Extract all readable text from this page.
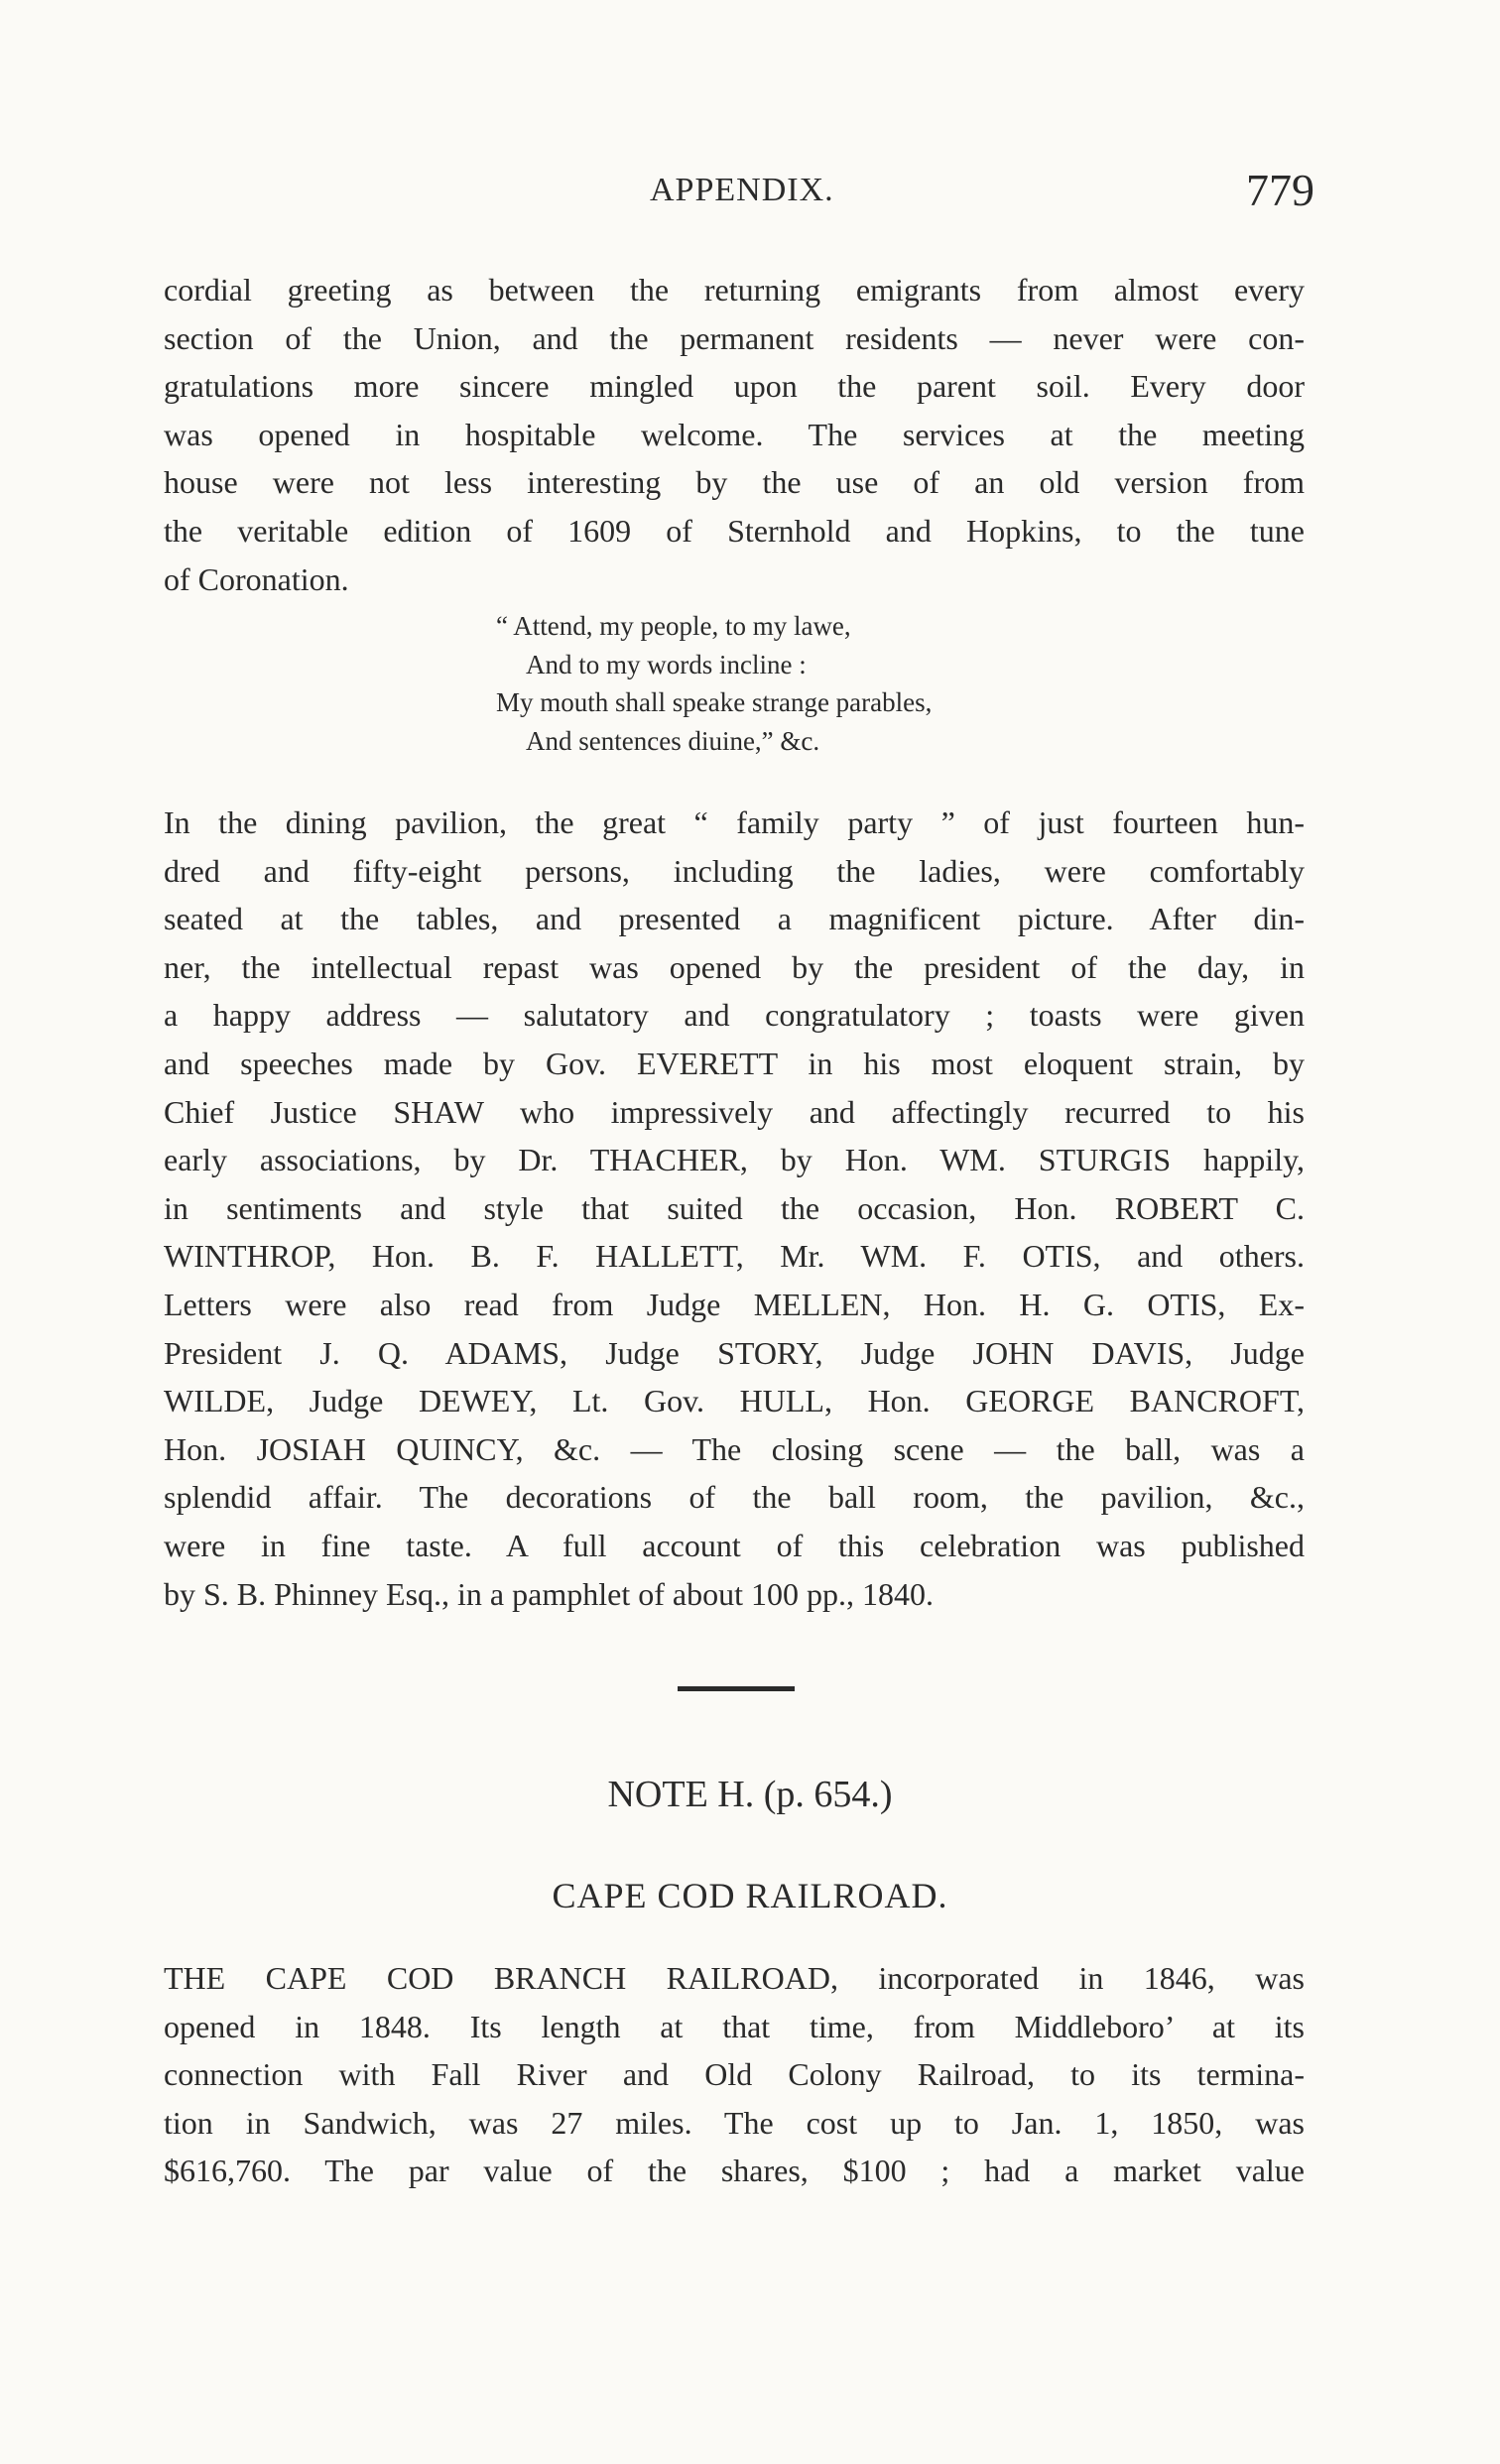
APPENDIX.	779
cordial greeting as between the returning emigrants from almost every
section of the Union, and the permanent residents — never were con-
gratulations more sincere mingled upon the parent soil. Every door
was opened in hospitable welcome. The services at the meeting
house were not less interesting by the use of an old version from
the veritable edition of 1609 of Sternhold and Hopkins, to the tune
of Coronation.
“ Attend, my people, to my lawe,
And to my words incline :
My mouth shall speake strange parables,
And sentences diuine,” &c.
In the dining pavilion, the great “ family party ” of just fourteen hun-
dred and fifty-eight persons, including the ladies, were comfortably
seated at the tables, and presented a magnificent picture. After din-
ner, the intellectual repast was opened by the president of the day, in
a happy address — salutatory and congratulatory ; toasts were given
and speeches made by Gov. EVERETT in his most eloquent strain, by
Chief Justice SHAW who impressively and affectingly recurred to his
early associations, by Dr. THACHER, by Hon. WM. STURGIS happily,
in sentiments and style that suited the occasion, Hon. ROBERT C.
WINTHROP, Hon. B. F. HALLETT, Mr. WM. F. OTIS, and others.
Letters were also read from Judge MELLEN, Hon. H. G. OTIS, Ex-
President J. Q. ADAMS, Judge STORY, Judge JOHN DAVIS, Judge
WILDE, Judge DEWEY, Lt. Gov. HULL, Hon. GEORGE BANCROFT,
Hon. JOSIAH QUINCY, &c. — The closing scene — the ball, was a
splendid affair. The decorations of the ball room, the pavilion, &c.,
were in fine taste. A full account of this celebration was published
by S. B. Phinney Esq., in a pamphlet of about 100 pp., 1840.
NOTE H. (p. 654.)
CAPE COD RAILROAD.
THE CAPE COD BRANCH RAILROAD, incorporated in 1846, was
opened in 1848. Its length at that time, from Middleboro’ at its
connection with Fall River and Old Colony Railroad, to its termina-
tion in Sandwich, was 27 miles. The cost up to Jan. 1, 1850, was
$616,760. The par value of the shares, $100 ; had a market value
